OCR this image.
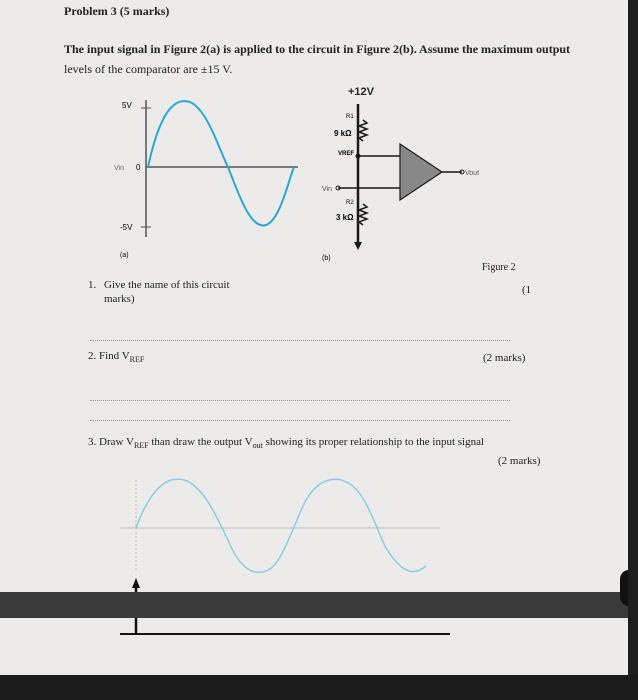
Problem 3 (5 marks)
The input signal in Figure 2(a) is applied to the circuit in Figure 2(b). Assume the maximum output
levels of the comparator are ±15 V.
5V
Vin 0
-5V
(a)
+12V
R1
9 kΩ
VREF
Vin
R2
3 kΩ
Vout
(b)
Figure 2
1. Give the name of this circuit
marks)
(1
2. Find $V_{REF}$	(2 marks)
3. Draw $V_{REF}$ than draw the output $V_{out}$ showing its proper relationship to the input signal
(2 marks)
